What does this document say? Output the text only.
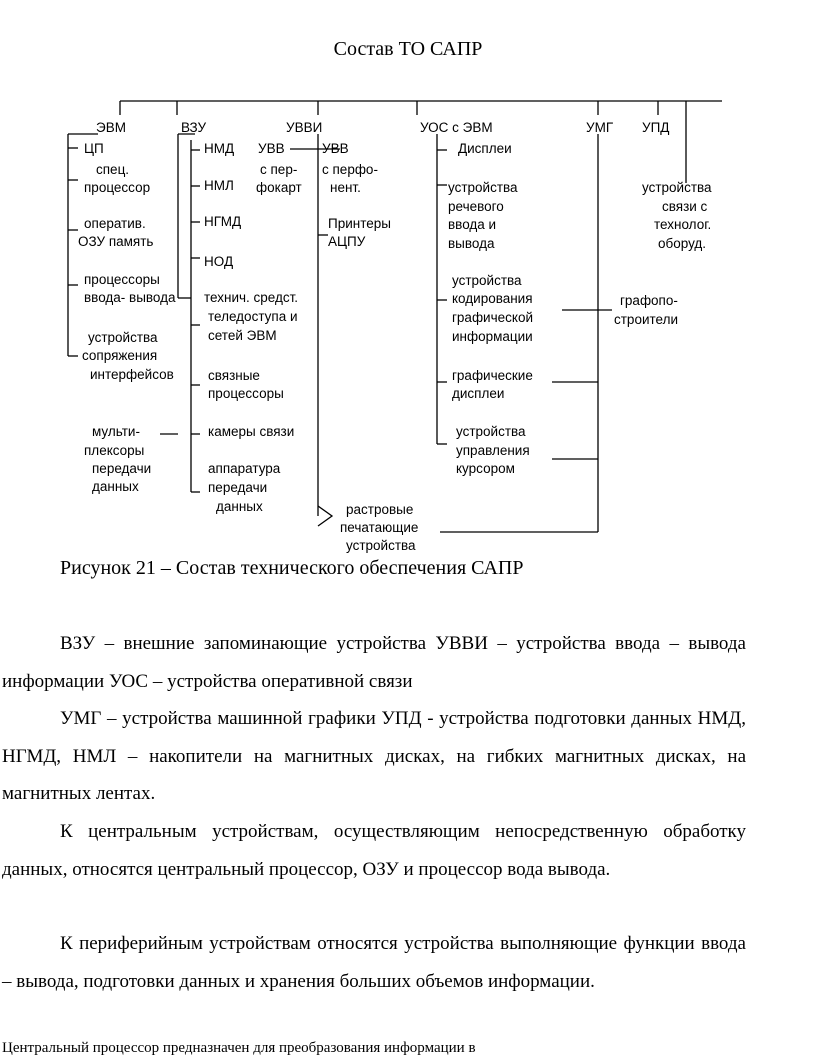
Состав ТО САПР
ЭВМ	ВЗУ	УВВИ	УОС с ЭВМ	УМГ УПД
ЦП
спец.
процессор
оператив.
ОЗУ память
процессоры
ввода- вывода
устройства
сопряжения
интерфейсов
мульти-
плексоры
передачи
данных
НМД
НМЛ
НГМД
НОД
технич. средст.
теледоступа и
сетей ЭВМ
связные
процессоры
камеры связи
аппаратура
передачи
данных
УВВ
с пер-
фокарт
УВВ
с перфо-
нент.
Принтеры
АЦПУ
растровые
печатающие
устройства
Дисплеи
устройства
речевого
ввода и
вывода
устройства
кодирования
графической
информации
графические
дисплеи
устройства
управления
курсором
графопо-
строители
устройства
связи с
технолог.
оборуд.
Рисунок 21 – Состав технического обеспечения САПР

ВЗУ – внешние запоминающие устройства УВВИ – устройства ввода – вывода информации УОС – устройства оперативной связи

УМГ – устройства машинной графики УПД - устройства подготовки данных НМД, НГМД, НМЛ – накопители на магнитных дисках, на гибких магнитных дисках, на магнитных лентах.

К центральным устройствам, осуществляющим непосредственную обработку данных, относятся центральный процессор, ОЗУ и процессор вода вывода.

К периферийным устройствам относятся устройства выполняющие функции ввода – вывода, подготовки данных и хранения больших объемов информации.

Центральный процессор предназначен для преобразования информации в
